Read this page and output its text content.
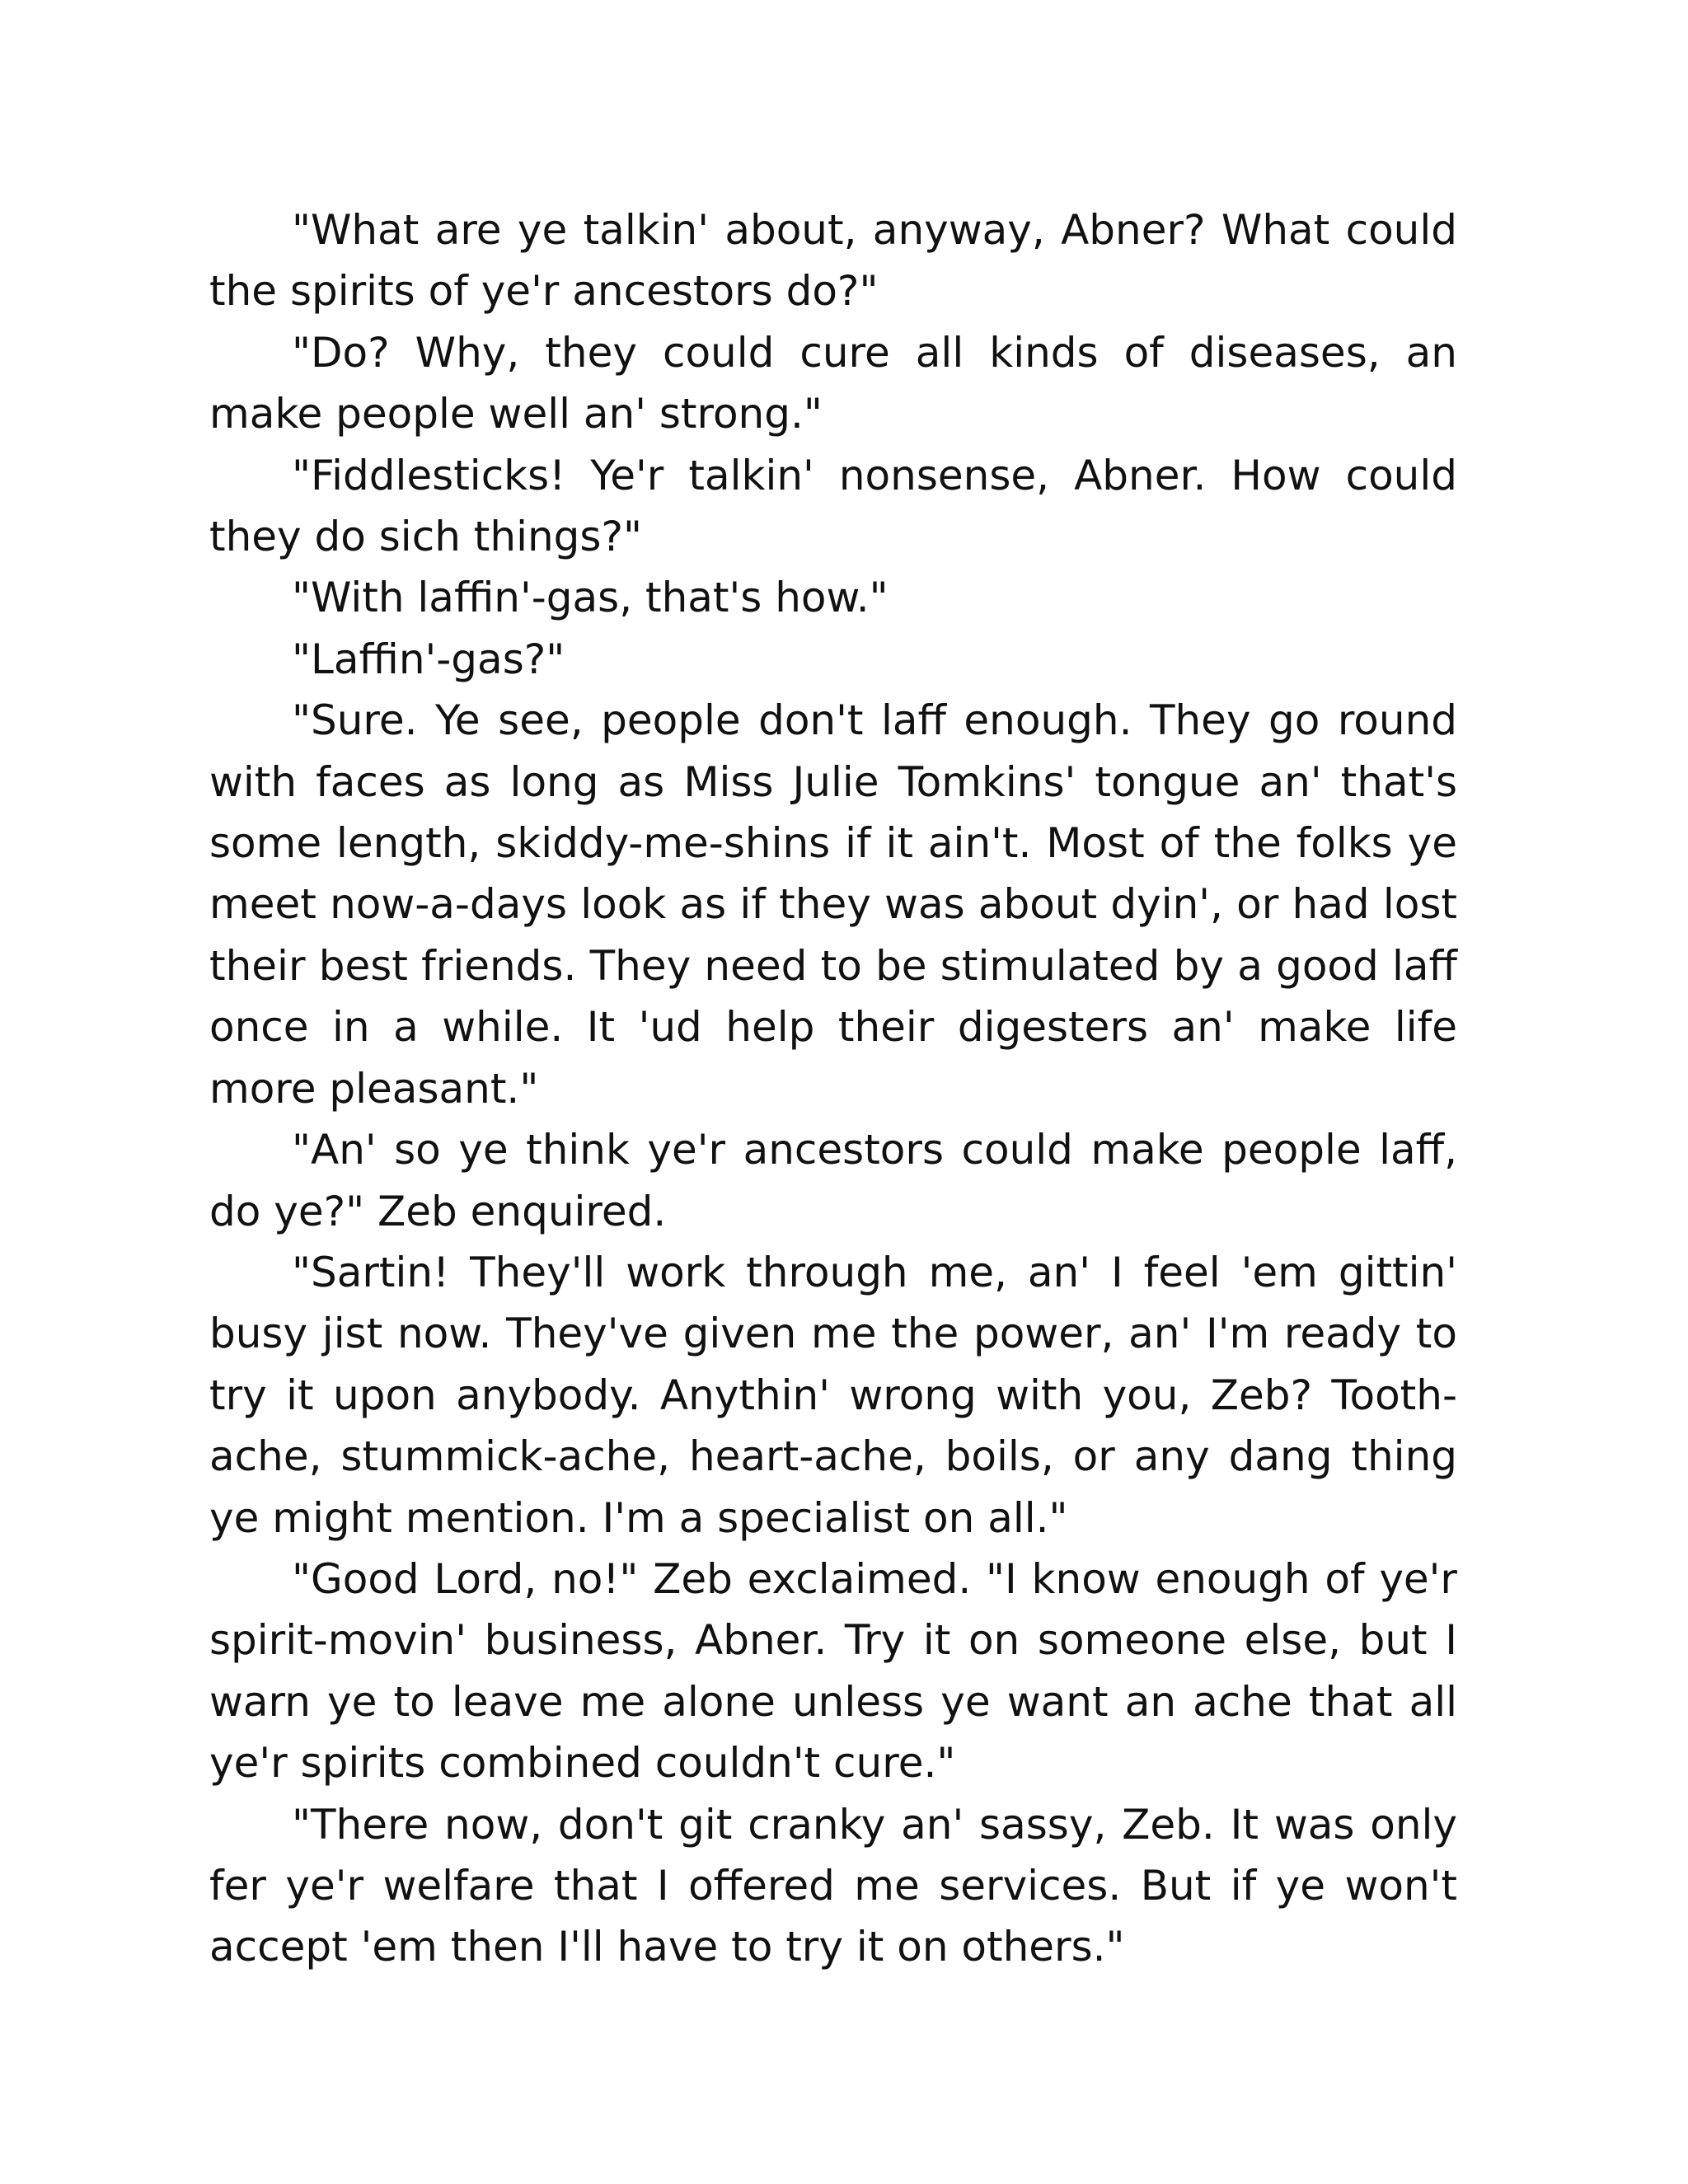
"What are ye talkin' about, anyway, Abner? What could the spirits of ye'r ancestors do?"

"Do? Why, they could cure all kinds of diseases, an make people well an' strong."

"Fiddlesticks! Ye'r talkin' nonsense, Abner. How could they do sich things?"

"With laffin'-gas, that's how."

"Laffin'-gas?"

"Sure. Ye see, people don't laff enough. They go round with faces as long as Miss Julie Tomkins' tongue an' that's some length, skiddy-me-shins if it ain't. Most of the folks ye meet now-a-days look as if they was about dyin', or had lost their best friends. They need to be stimulated by a good laff once in a while. It 'ud help their digesters an' make life more pleasant."

"An' so ye think ye'r ancestors could make people laff, do ye?" Zeb enquired.

"Sartin! They'll work through me, an' I feel 'em gittin' busy jist now. They've given me the power, an' I'm ready to try it upon anybody. Anythin' wrong with you, Zeb? Tooth-ache, stummick-ache, heart-ache, boils, or any dang thing ye might mention. I'm a specialist on all."

"Good Lord, no!" Zeb exclaimed. "I know enough of ye'r spirit-movin' business, Abner. Try it on someone else, but I warn ye to leave me alone unless ye want an ache that all ye'r spirits combined couldn't cure."

"There now, don't git cranky an' sassy, Zeb. It was only fer ye'r welfare that I offered me services. But if ye won't accept 'em then I'll have to try it on others."
